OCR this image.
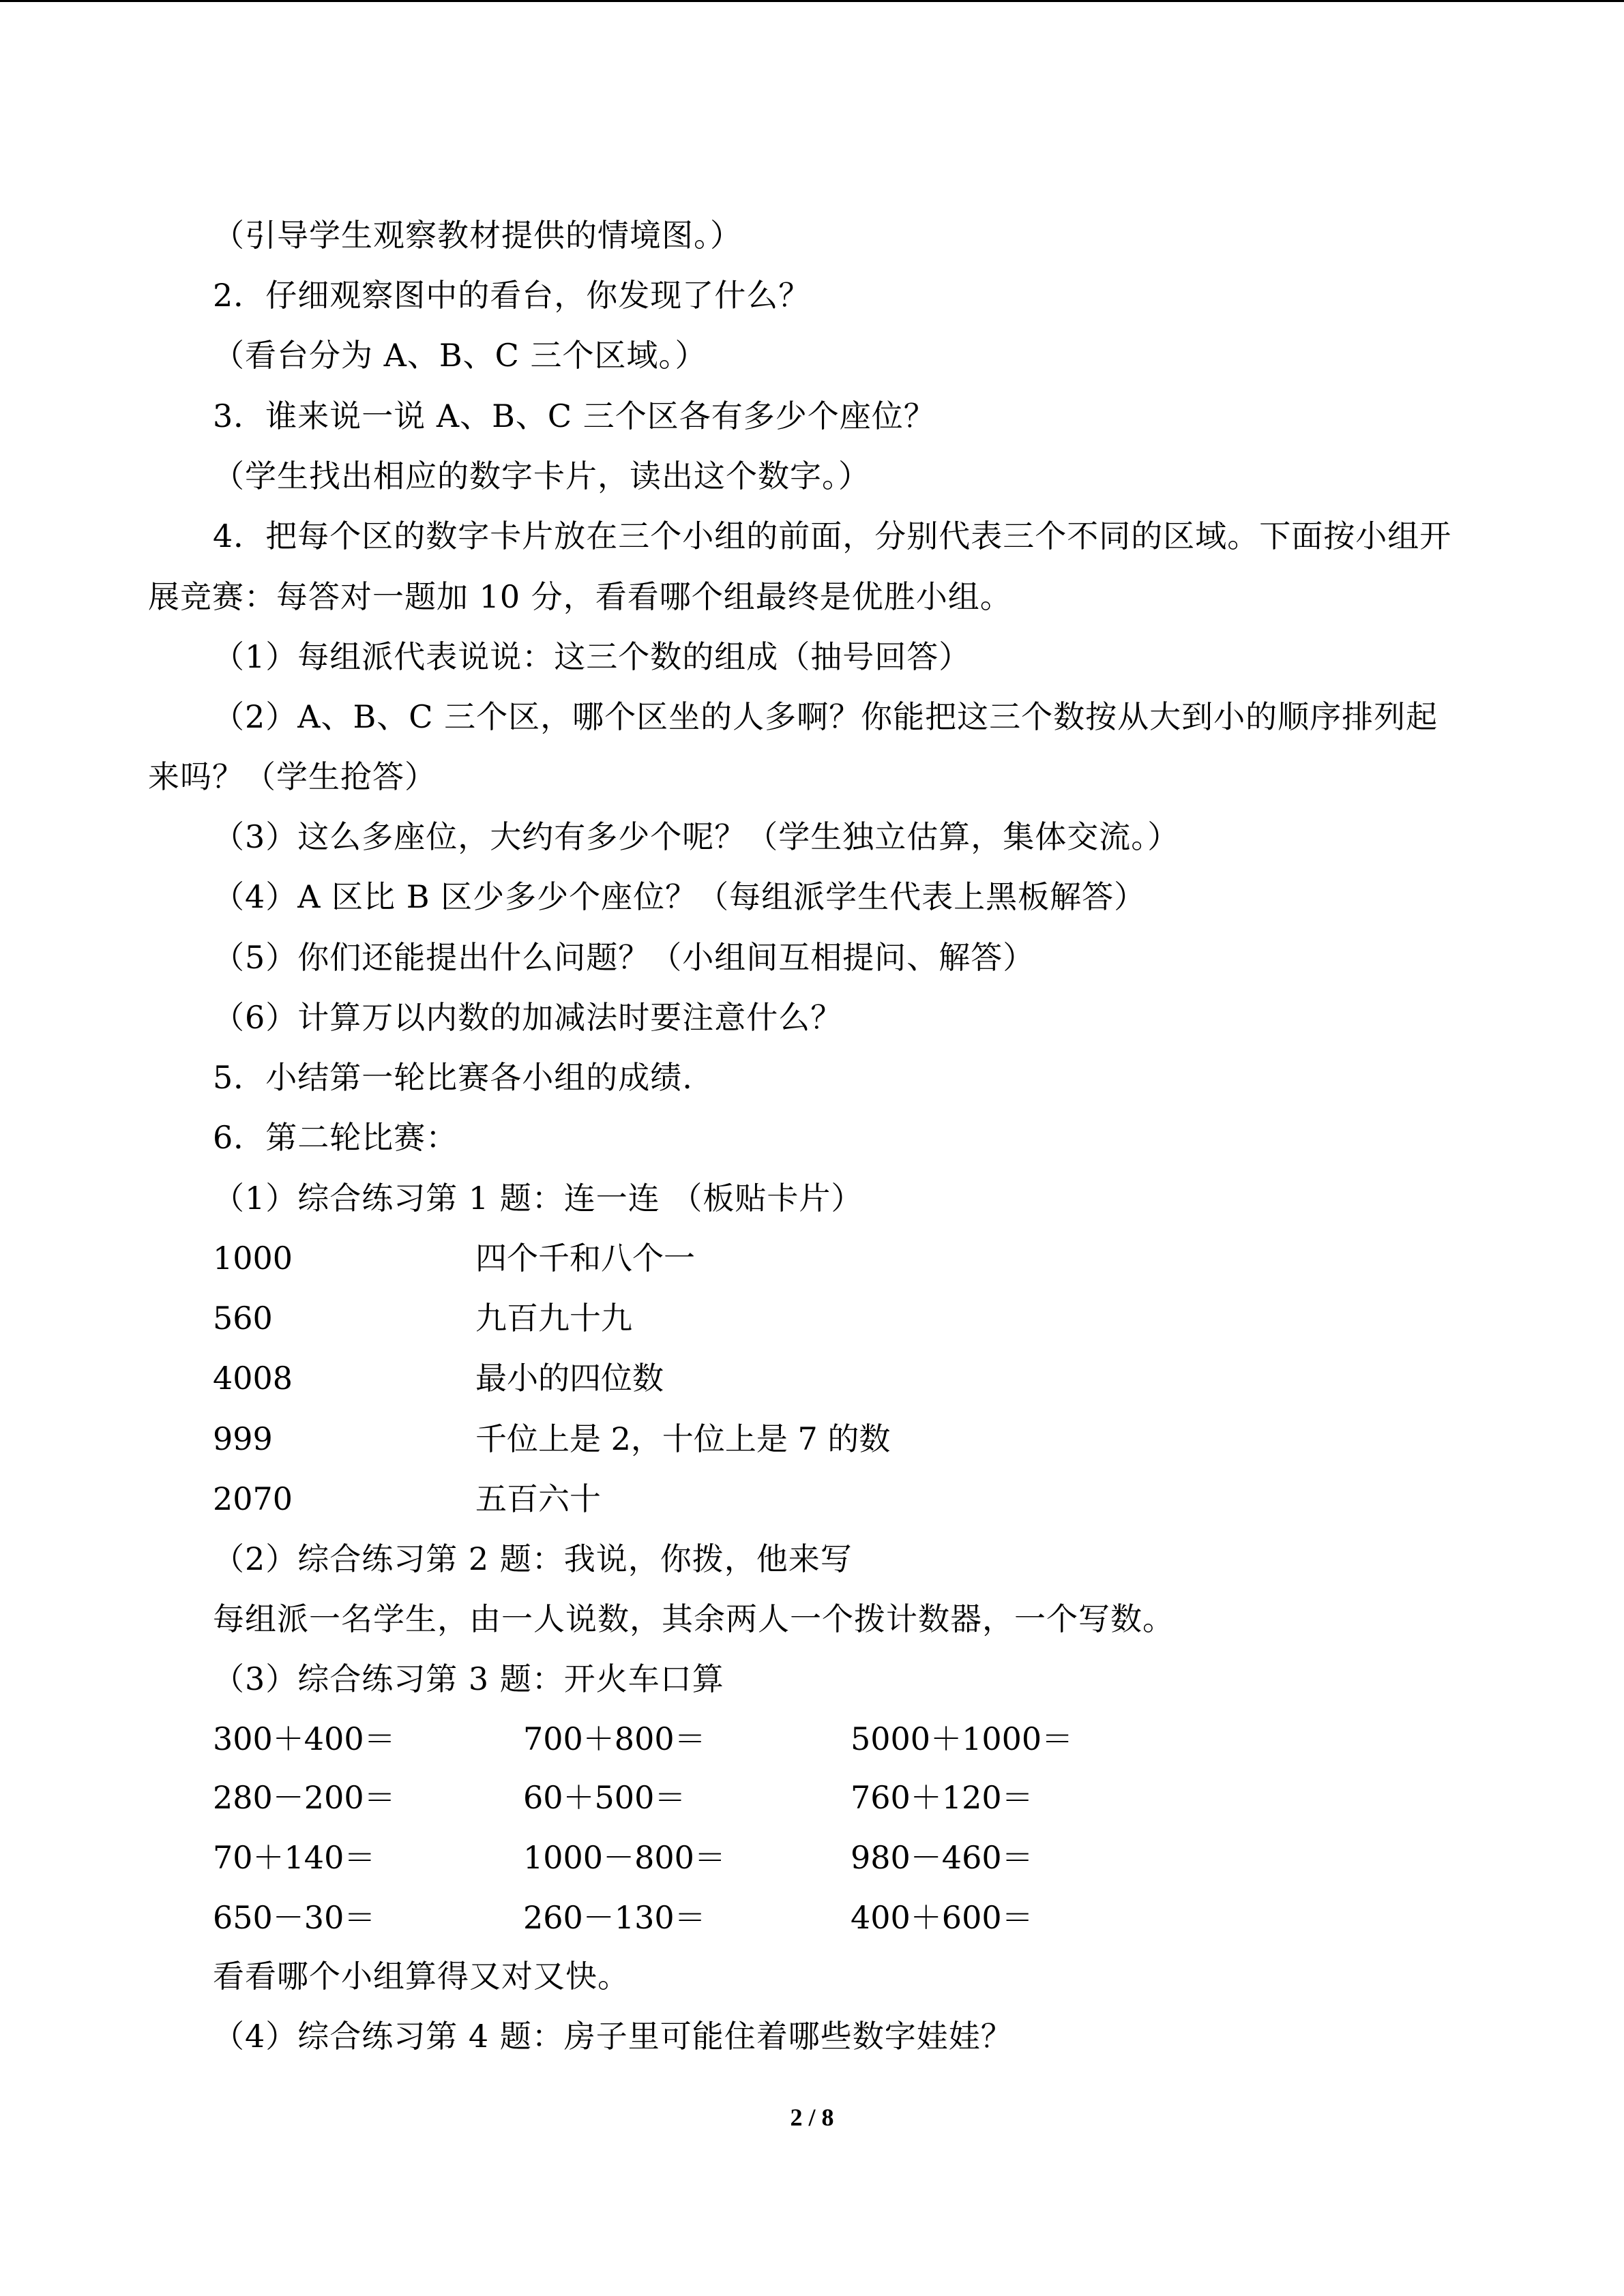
（引导学生观察教材提供的情境图。）
2．仔细观察图中的看台，你发现了什么？
（看台分为 A、B、C 三个区域。）
3．谁来说一说 A、B、C 三个区各有多少个座位？
（学生找出相应的数字卡片，读出这个数字。）
4．把每个区的数字卡片放在三个小组的前面，分别代表三个不同的区域。下面按小组开
展竞赛：每答对一题加 10 分，看看哪个组最终是优胜小组。
（1）每组派代表说说：这三个数的组成（抽号回答）
（2）A、B、C 三个区，哪个区坐的人多啊？你能把这三个数按从大到小的顺序排列起
来吗？（学生抢答）
（3）这么多座位，大约有多少个呢？（学生独立估算，集体交流。）
（4）A 区比 B 区少多少个座位？（每组派学生代表上黑板解答）
（5）你们还能提出什么问题？（小组间互相提问、解答）
（6）计算万以内数的加减法时要注意什么？
5．小结第一轮比赛各小组的成绩.
6．第二轮比赛：
（1）综合练习第 1 题：连一连 （板贴卡片）
1000	四个千和八个一
560	九百九十九
4008	最小的四位数
999	千位上是 2，十位上是 7 的数
2070	五百六十
（2）综合练习第 2 题：我说，你拨，他来写
每组派一名学生，由一人说数，其余两人一个拨计数器，一个写数。
（3）综合练习第 3 题：开火车口算
300＋400＝	700＋800＝	5000＋1000＝
280－200＝	60＋500＝	760＋120＝
70＋140＝	1000－800＝	980－460＝
650－30＝	260－130＝	400＋600＝
看看哪个小组算得又对又快。
（4）综合练习第 4 题：房子里可能住着哪些数字娃娃？
2 / 8
